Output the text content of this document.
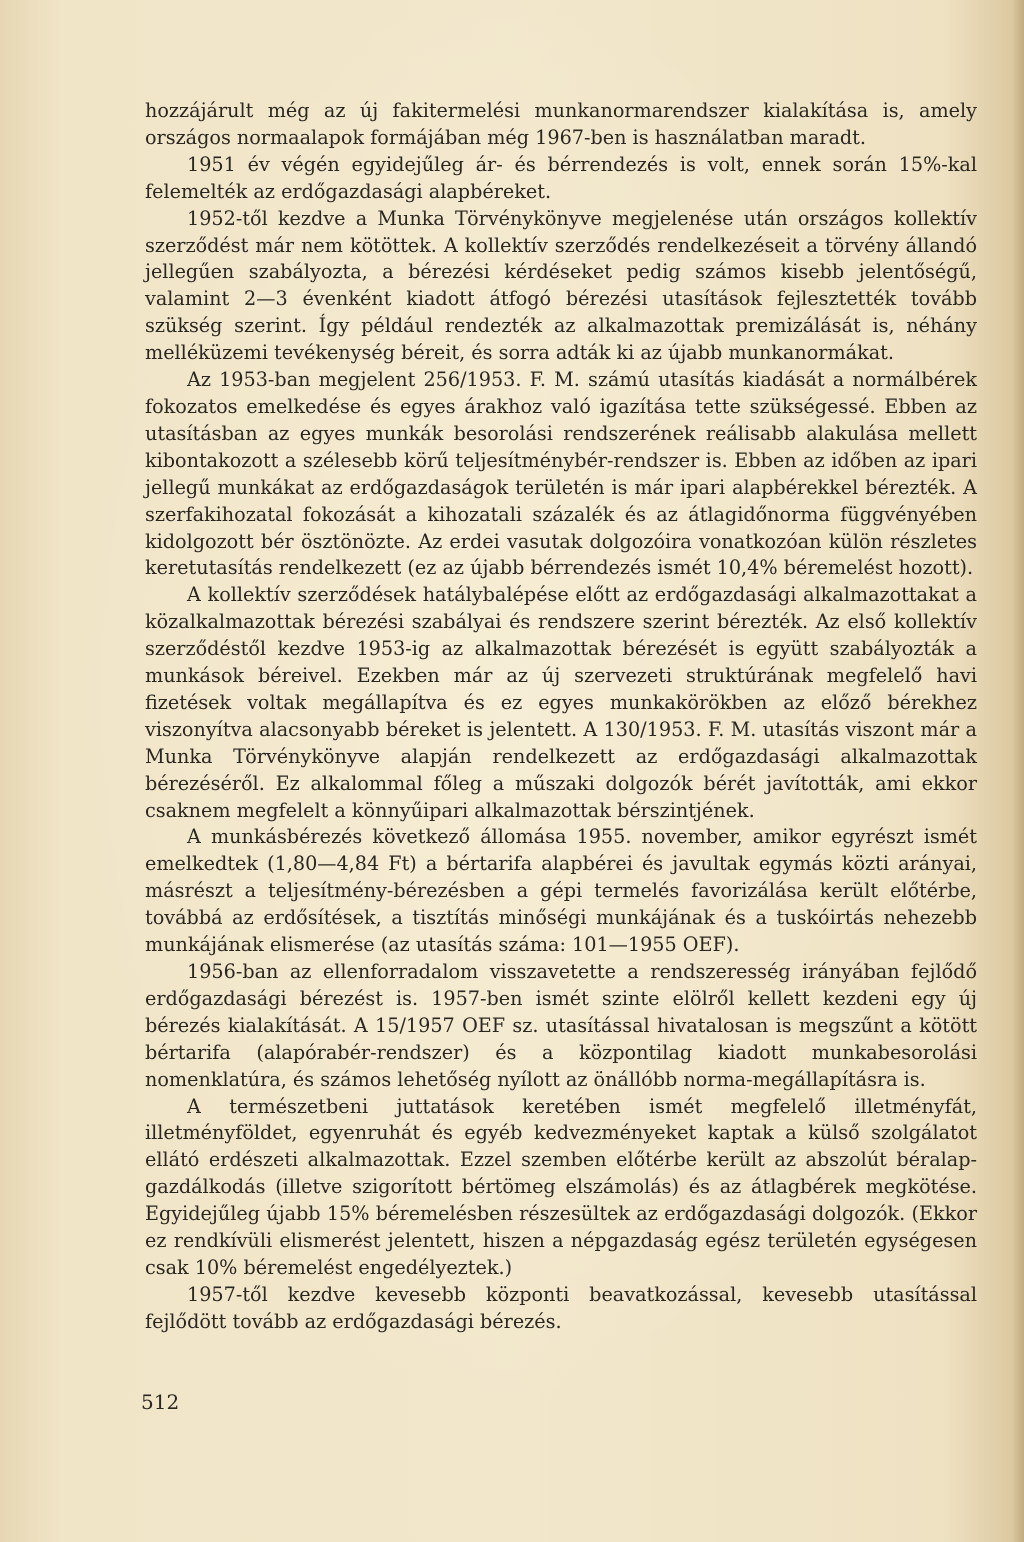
hozzájárult még az új fakitermelési munkanormarendszer kialakítása is, amely országos normaalapok formájában még 1967-ben is használatban maradt.

1951 év végén egyidejűleg ár- és bérrendezés is volt, ennek során 15%-kal felemelték az erdőgazdasági alapbéreket.

1952-től kezdve a Munka Törvénykönyve megjelenése után országos kollektív szerződést már nem kötöttek. A kollektív szerződés rendelkezéseit a törvény állandó jellegűen szabályozta, a bérezési kérdéseket pedig számos kisebb jelentőségű, valamint 2—3 évenként kiadott átfogó bérezési utasítások fejlesztették tovább szükség szerint. Így például rendezték az alkalmazottak premizálását is, néhány melléküzemi tevékenység béreit, és sorra adták ki az újabb munkanormákat.

Az 1953-ban megjelent 256/1953. F. M. számú utasítás kiadását a normálbérek fokozatos emelkedése és egyes árakhoz való igazítása tette szükségessé. Ebben az utasításban az egyes munkák besorolási rendszerének reálisabb alakulása mellett kibontakozott a szélesebb körű teljesítménybér-rendszer is. Ebben az időben az ipari jellegű munkákat az erdőgazdaságok területén is már ipari alapbérekkel bérezték. A szerfakihozatal fokozását a kihozatali százalék és az átlagidőnorma függvényében kidolgozott bér ösztönözte. Az erdei vasutak dolgozóira vonatkozóan külön részletes keretutasítás rendelkezett (ez az újabb bérrendezés ismét 10,4% béremelést hozott).

A kollektív szerződések hatálybalépése előtt az erdőgazdasági alkalmazottakat a közalkalmazottak bérezési szabályai és rendszere szerint bérezték. Az első kollektív szerződéstől kezdve 1953-ig az alkalmazottak bérezését is együtt szabályozták a munkások béreivel. Ezekben már az új szervezeti struktúrának megfelelő havi fizetések voltak megállapítva és ez egyes munkakörökben az előző bérekhez viszonyítva alacsonyabb béreket is jelentett. A 130/1953. F. M. utasítás viszont már a Munka Törvénykönyve alapján rendelkezett az erdőgazdasági alkalmazottak bérezéséről. Ez alkalommal főleg a műszaki dolgozók bérét javították, ami ekkor csaknem megfelelt a könnyűipari alkalmazottak bérszintjének.

A munkásbérezés következő állomása 1955. november, amikor egyrészt ismét emelkedtek (1,80—4,84 Ft) a bértarifa alapbérei és javultak egymás közti arányai, másrészt a teljesítmény-bérezésben a gépi termelés favorizálása került előtérbe, továbbá az erdősítések, a tisztítás minőségi munkájának és a tuskóirtás nehezebb munkájának elismerése (az utasítás száma: 101—1955 OEF).

1956-ban az ellenforradalom visszavetette a rendszeresség irányában fejlődő erdőgazdasági bérezést is. 1957-ben ismét szinte elölről kellett kezdeni egy új bérezés kialakítását. A 15/1957 OEF sz. utasítással hivatalosan is megszűnt a kötött bértarifa (alapórabér-rendszer) és a központilag kiadott munkabesorolási nomenklatúra, és számos lehetőség nyílott az önállóbb norma-megállapításra is.

A természetbeni juttatások keretében ismét megfelelő illetményfát, illetményföldet, egyenruhát és egyéb kedvezményeket kaptak a külső szolgálatot ellátó erdészeti alkalmazottak. Ezzel szemben előtérbe került az abszolút béralap-gazdálkodás (illetve szigorított bértömeg elszámolás) és az átlagbérek megkötése. Egyidejűleg újabb 15% béremelésben részesültek az erdőgazdasági dolgozók. (Ekkor ez rendkívüli elismerést jelentett, hiszen a népgazdaság egész területén egységesen csak 10% béremelést engedélyeztek.)

1957-től kezdve kevesebb központi beavatkozással, kevesebb utasítással fejlődött tovább az erdőgazdasági bérezés.

512
